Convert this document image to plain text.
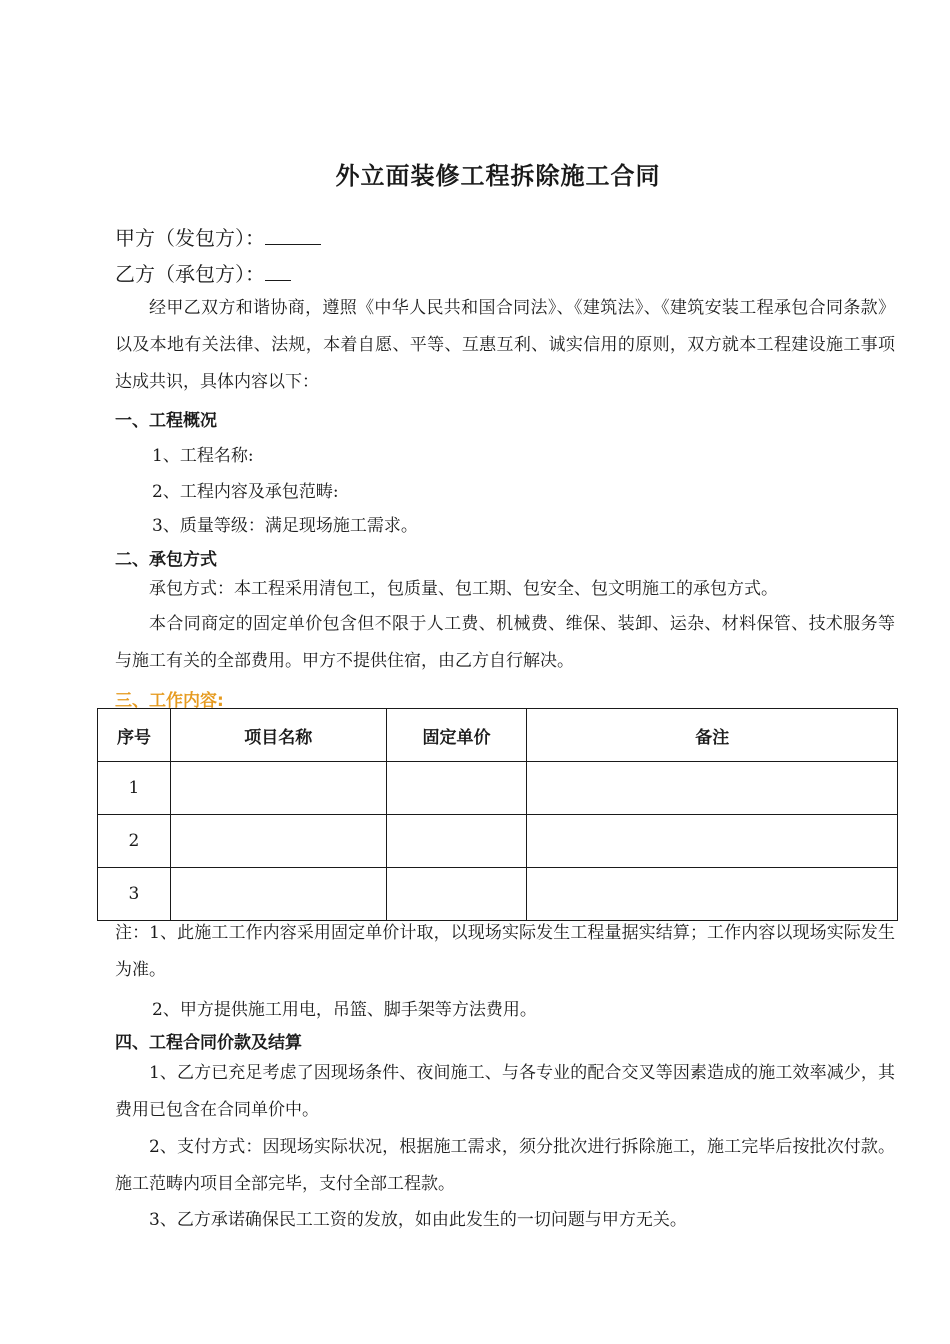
外立面装修工程拆除施工合同
甲方（发包方）：
乙方（承包方）：
经甲乙双方和谐协商，遵照《中华人民共和国合同法》、《建筑法》、《建筑安装工程承包合同条款》以及本地有关法律、法规，本着自愿、平等、互惠互利、诚实信用的原则，双方就本工程建设施工事项达成共识，具体内容以下：
一、工程概况
1、工程名称:
2、工程内容及承包范畴:
3、质量等级：满足现场施工需求。
二、承包方式
承包方式：本工程采用清包工，包质量、包工期、包安全、包文明施工的承包方式。
本合同商定的固定单价包含但不限于人工费、机械费、维保、装卸、运杂、材料保管、技术服务等与施工有关的全部费用。甲方不提供住宿，由乙方自行解决。
三、工作内容:
序号	项目名称	固定单价	备注
1			
2			
3			
注：1、此施工工作内容采用固定单价计取，以现场实际发生工程量据实结算；工作内容以现场实际发生为准。
2、甲方提供施工用电，吊篮、脚手架等方法费用。
四、工程合同价款及结算
1、乙方已充足考虑了因现场条件、夜间施工、与各专业的配合交叉等因素造成的施工效率减少，其费用已包含在合同单价中。
2、支付方式：因现场实际状况，根据施工需求，须分批次进行拆除施工，施工完毕后按批次付款。施工范畴内项目全部完毕，支付全部工程款。
3、乙方承诺确保民工工资的发放，如由此发生的一切问题与甲方无关。
